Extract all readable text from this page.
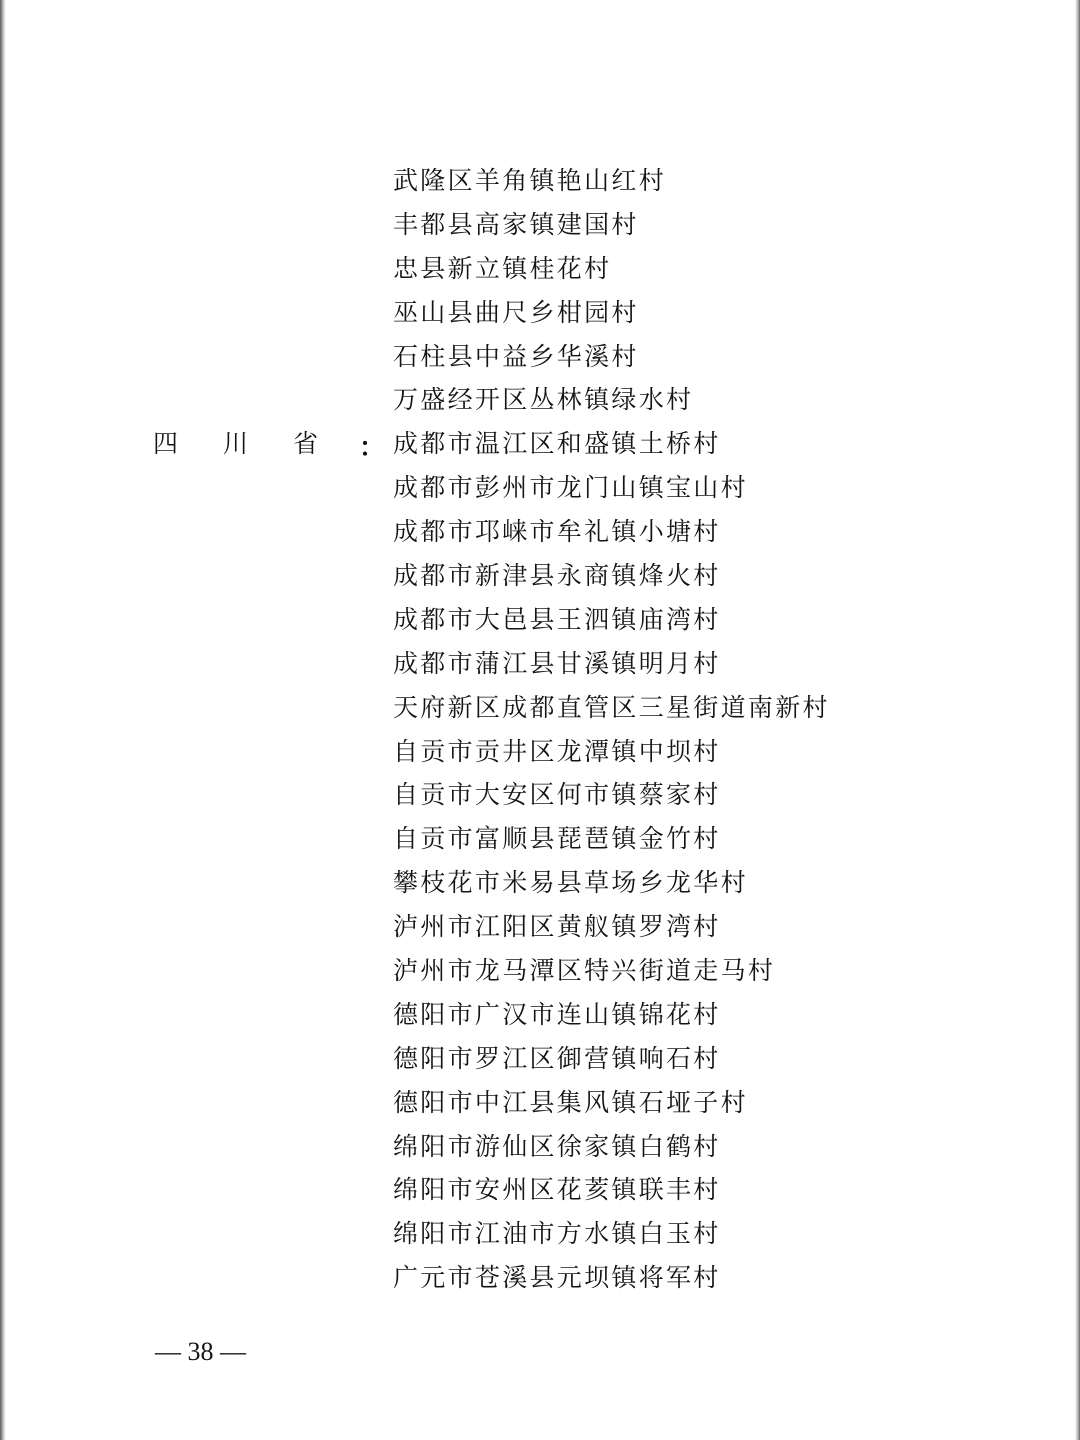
四川省
：
武隆区羊角镇艳山红村
丰都县高家镇建国村
忠县新立镇桂花村
巫山县曲尺乡柑园村
石柱县中益乡华溪村
万盛经开区丛林镇绿水村
成都市温江区和盛镇土桥村
成都市彭州市龙门山镇宝山村
成都市邛崃市牟礼镇小塘村
成都市新津县永商镇烽火村
成都市大邑县王泗镇庙湾村
成都市蒲江县甘溪镇明月村
天府新区成都直管区三星街道南新村
自贡市贡井区龙潭镇中坝村
自贡市大安区何市镇蔡家村
自贡市富顺县琵琶镇金竹村
攀枝花市米易县草场乡龙华村
泸州市江阳区黄舣镇罗湾村
泸州市龙马潭区特兴街道走马村
德阳市广汉市连山镇锦花村
德阳市罗江区御营镇响石村
德阳市中江县集风镇石垭子村
绵阳市游仙区徐家镇白鹤村
绵阳市安州区花荄镇联丰村
绵阳市江油市方水镇白玉村
广元市苍溪县元坝镇将军村
— 38 —
